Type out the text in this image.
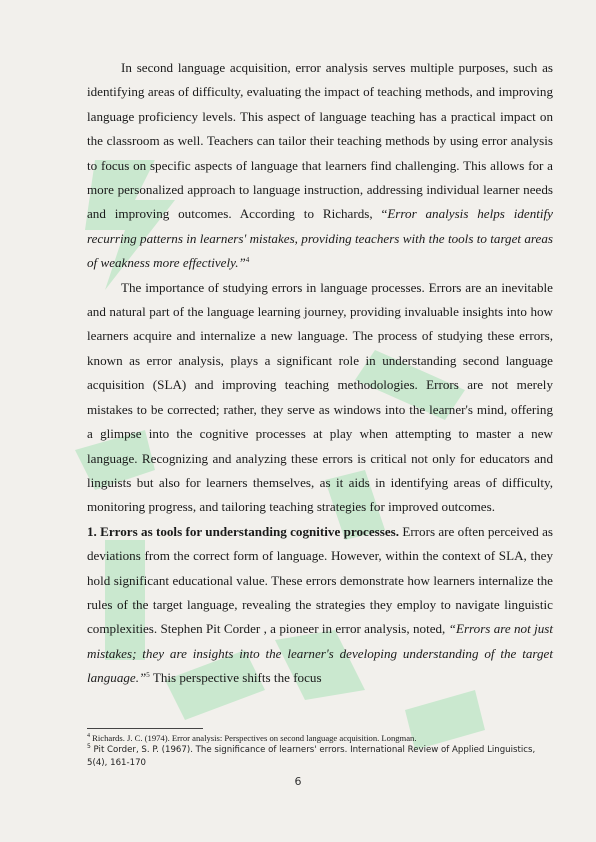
In second language acquisition, error analysis serves multiple purposes, such as identifying areas of difficulty, evaluating the impact of teaching methods, and improving language proficiency levels. This aspect of language teaching has a practical impact on the classroom as well. Teachers can tailor their teaching methods by using error analysis to focus on specific aspects of language that learners find challenging. This allows for a more personalized approach to language instruction, addressing individual learner needs and improving outcomes. According to Richards, “Error analysis helps identify recurring patterns in learners' mistakes, providing teachers with the tools to target areas of weakness more effectively.”$^4$

The importance of studying errors in language processes. Errors are an inevitable and natural part of the language learning journey, providing invaluable insights into how learners acquire and internalize a new language. The process of studying these errors, known as error analysis, plays a significant role in understanding second language acquisition (SLA) and improving teaching methodologies. Errors are not merely mistakes to be corrected; rather, they serve as windows into the learner's mind, offering a glimpse into the cognitive processes at play when attempting to master a new language. Recognizing and analyzing these errors is critical not only for educators and linguists but also for learners themselves, as it aids in identifying areas of difficulty, monitoring progress, and tailoring teaching strategies for improved outcomes.

1. Errors as tools for understanding cognitive processes. Errors are often perceived as deviations from the correct form of language. However, within the context of SLA, they hold significant educational value. These errors demonstrate how learners internalize the rules of the target language, revealing the strategies they employ to navigate linguistic complexities. Stephen Pit Corder , a pioneer in error analysis, noted, “Errors are not just mistakes; they are insights into the learner's developing understanding of the target language.”$^5$ This perspective shifts the focus

$^4$ Richards. J. C. (1974). Error analysis: Perspectives on second language acquisition. Longman.

$^5$ Pit Corder, S. P. (1967). The significance of learners' errors. International Review of Applied Linguistics, 5(4), 161-170

6
